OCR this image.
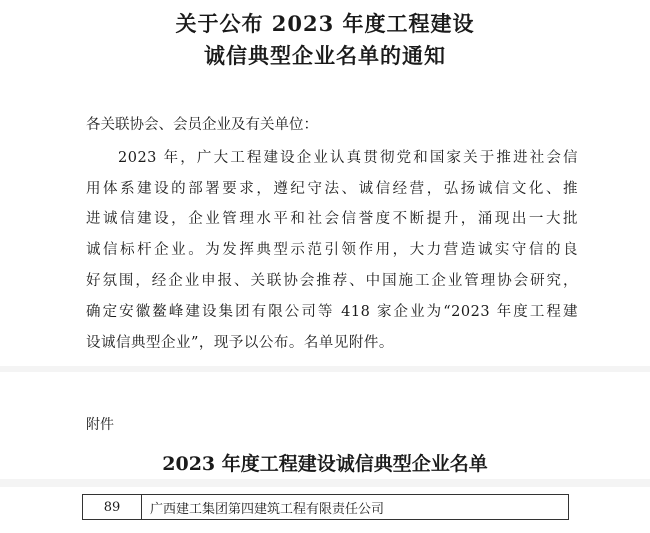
关于公布 2023 年度工程建设
诚信典型企业名单的通知
各关联协会、会员企业及有关单位：
2023 年，广大工程建设企业认真贯彻党和国家关于推进社会信
用体系建设的部署要求，遵纪守法、诚信经营，弘扬诚信文化、推
进诚信建设，企业管理水平和社会信誉度不断提升，涌现出一大批
诚信标杆企业。为发挥典型示范引领作用，大力营造诚实守信的良
好氛围，经企业申报、关联协会推荐、中国施工企业管理协会研究，
确定安徽鳌峰建设集团有限公司等 418 家企业为“2023 年度工程建
设诚信典型企业”，现予以公布。名单见附件。
附件
2023 年度工程建设诚信典型企业名单
89	广西建工集团第四建筑工程有限责任公司
